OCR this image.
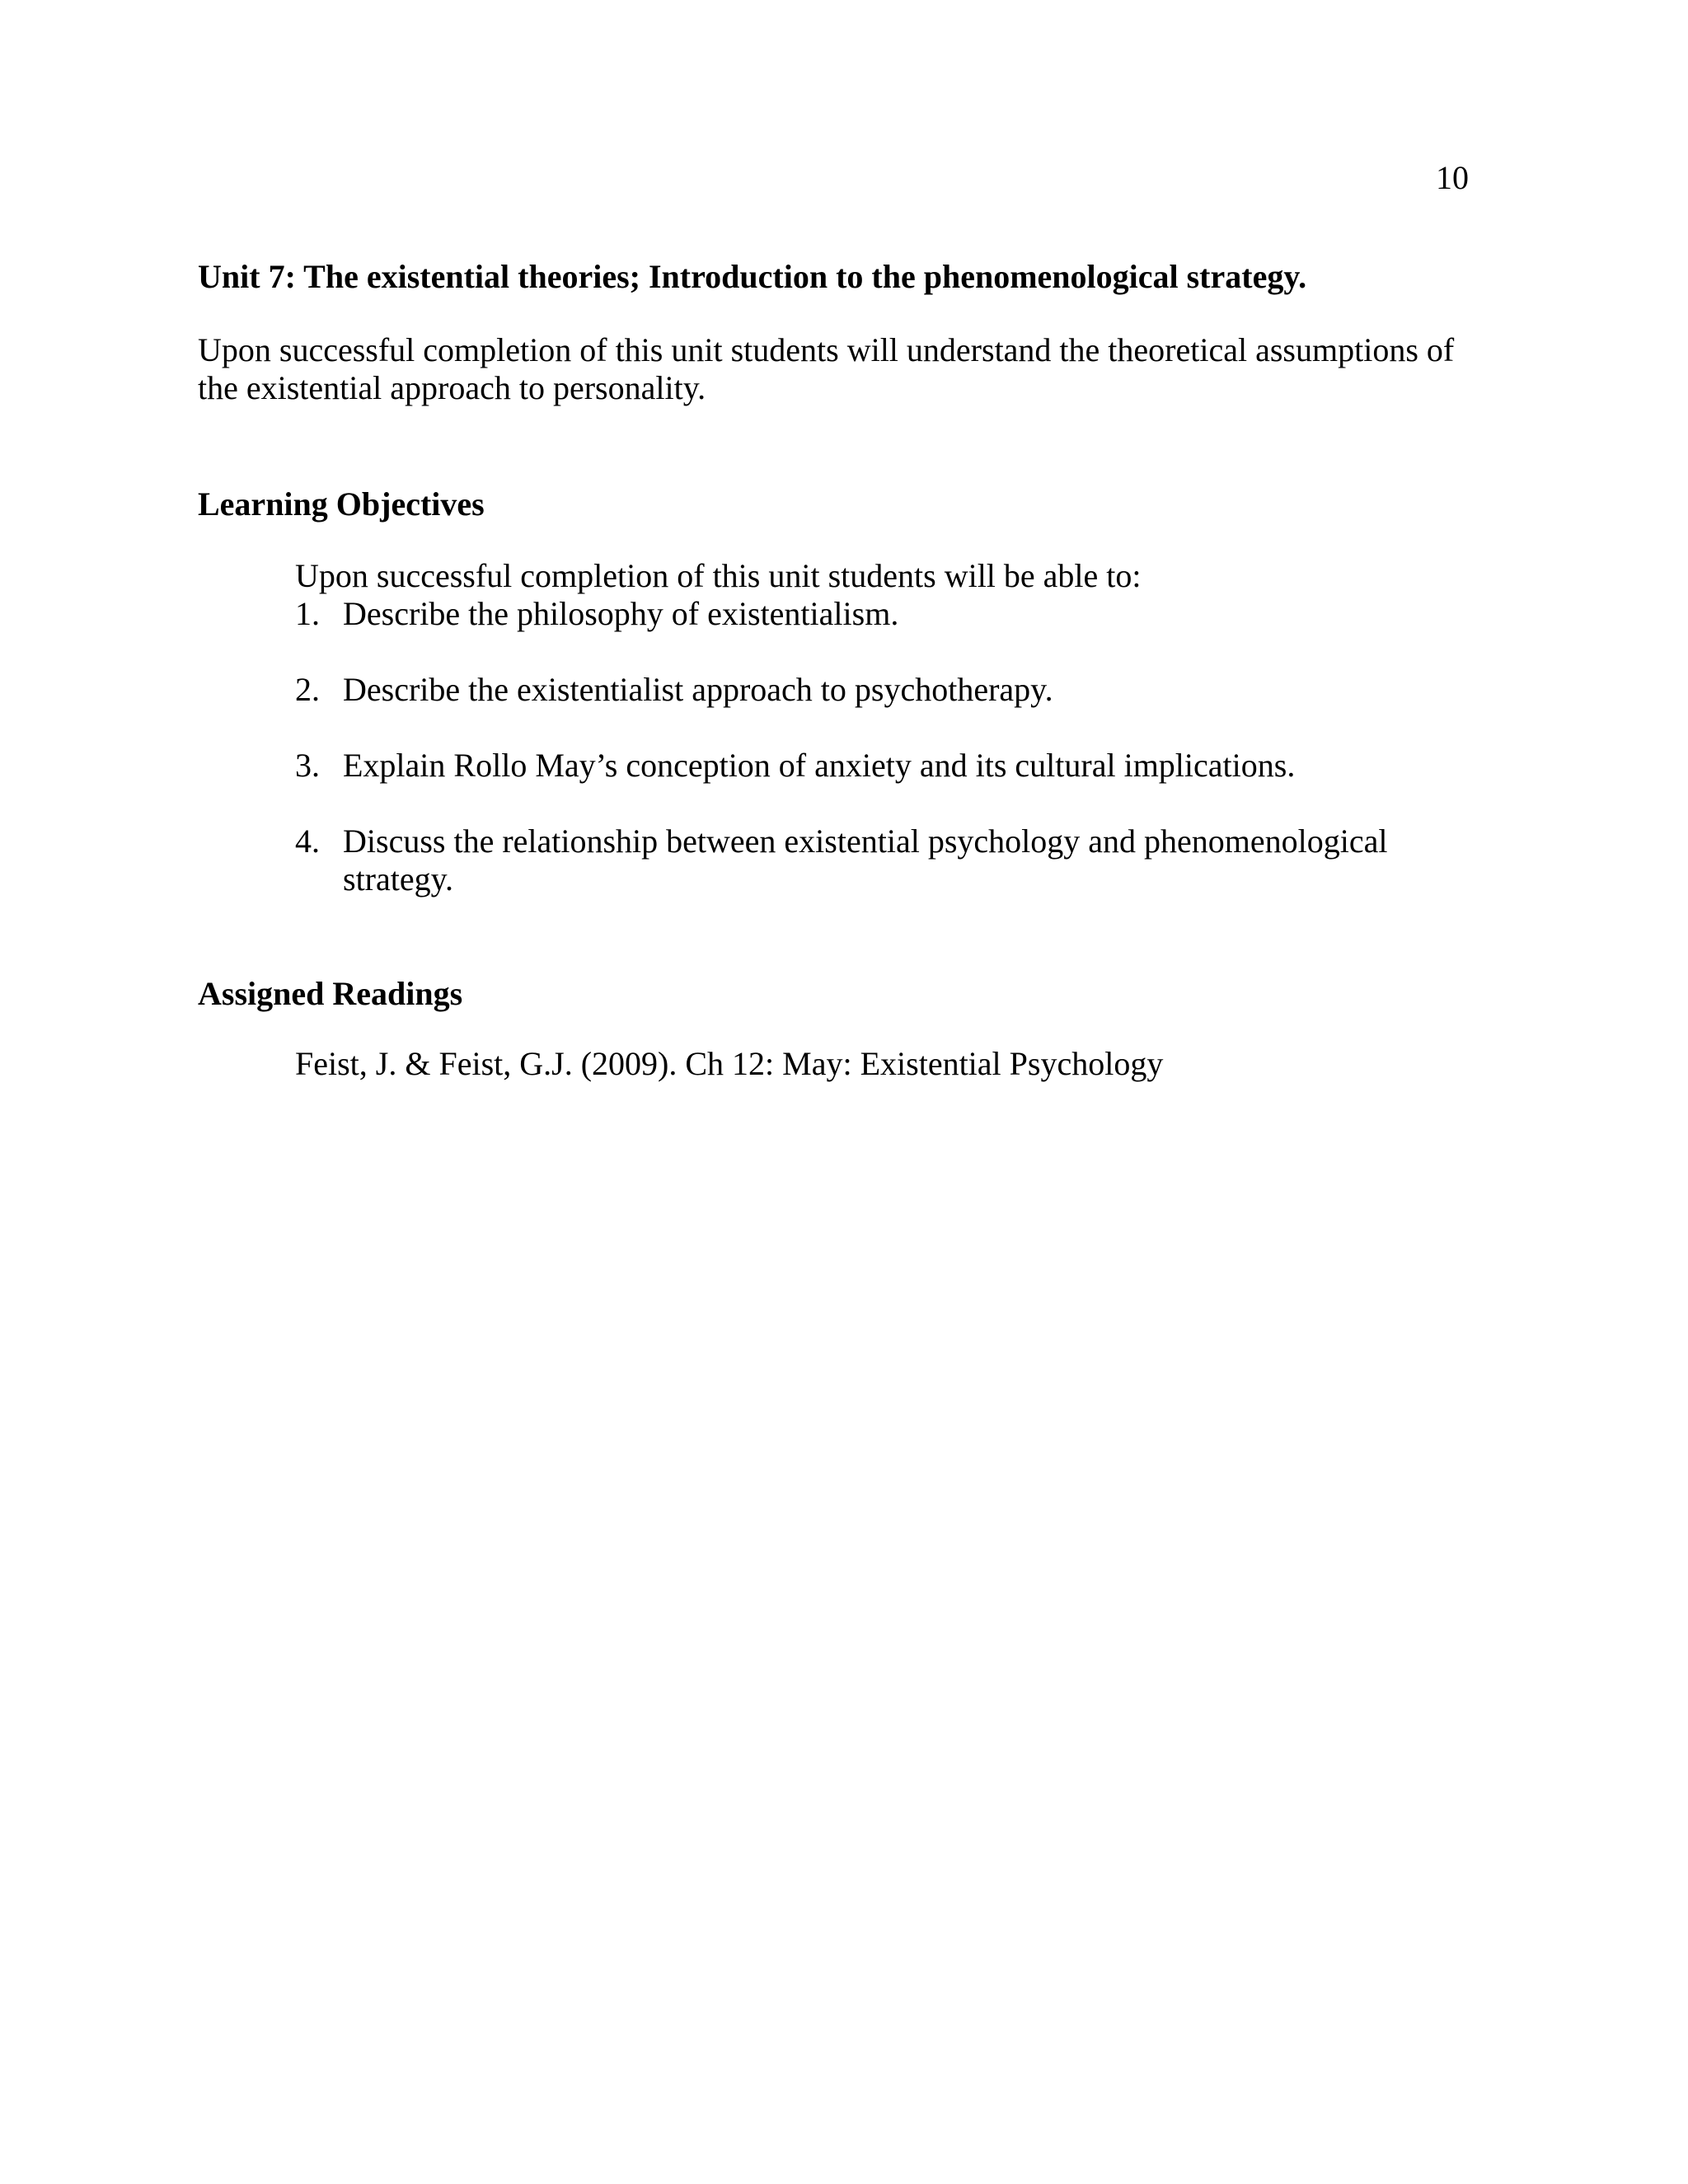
10
Unit 7: The existential theories; Introduction to the phenomenological strategy.
Upon successful completion of this unit students will understand the theoretical assumptions of the existential approach to personality.
Learning Objectives
Upon successful completion of this unit students will be able to:
1. Describe the philosophy of existentialism.
2. Describe the existentialist approach to psychotherapy.
3. Explain Rollo May’s conception of anxiety and its cultural implications.
4. Discuss the relationship between existential psychology and phenomenological strategy.
Assigned Readings
Feist, J. & Feist, G.J. (2009). Ch 12: May: Existential Psychology
